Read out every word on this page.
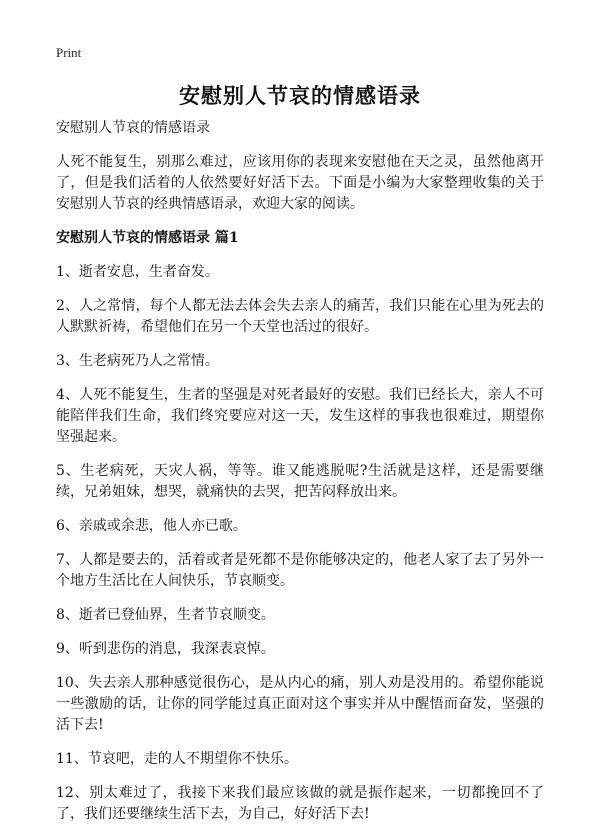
Print
安慰别人节哀的情感语录

安慰别人节哀的情感语录

人死不能复生，别那么难过，应该用你的表现来安慰他在天之灵，虽然他离开了，但是我们活着的人依然要好好活下去。下面是小编为大家整理收集的关于安慰别人节哀的经典情感语录，欢迎大家的阅读。

安慰别人节哀的情感语录 篇1

1、逝者安息，生者奋发。
2、人之常情，每个人都无法去体会失去亲人的痛苦，我们只能在心里为死去的人默默祈祷，希望他们在另一个天堂也活过的很好。
3、生老病死乃人之常情。
4、人死不能复生，生者的坚强是对死者最好的安慰。我们已经长大，亲人不可能陪伴我们生命，我们终究要应对这一天，发生这样的事我也很难过，期望你坚强起来。
5、生老病死，天灾人祸，等等。谁又能逃脱呢?生活就是这样，还是需要继续，兄弟姐妹，想哭，就痛快的去哭，把苦闷释放出来。
6、亲戚或余悲，他人亦已歌。
7、人都是要去的，活着或者是死都不是你能够决定的，他老人家了去了另外一个地方生活比在人间快乐，节哀顺变。
8、逝者已登仙界，生者节哀顺变。
9、听到悲伤的消息，我深表哀悼。
10、失去亲人那种感觉很伤心，是从内心的痛，别人劝是没用的。希望你能说一些激励的话，让你的同学能过真正面对这个事实并从中醒悟而奋发，坚强的活下去!
11、节哀吧，走的人不期望你不快乐。
12、别太难过了，我接下来我们最应该做的就是振作起来，一切都挽回不了了，我们还要继续生活下去，为自己，好好活下去!
